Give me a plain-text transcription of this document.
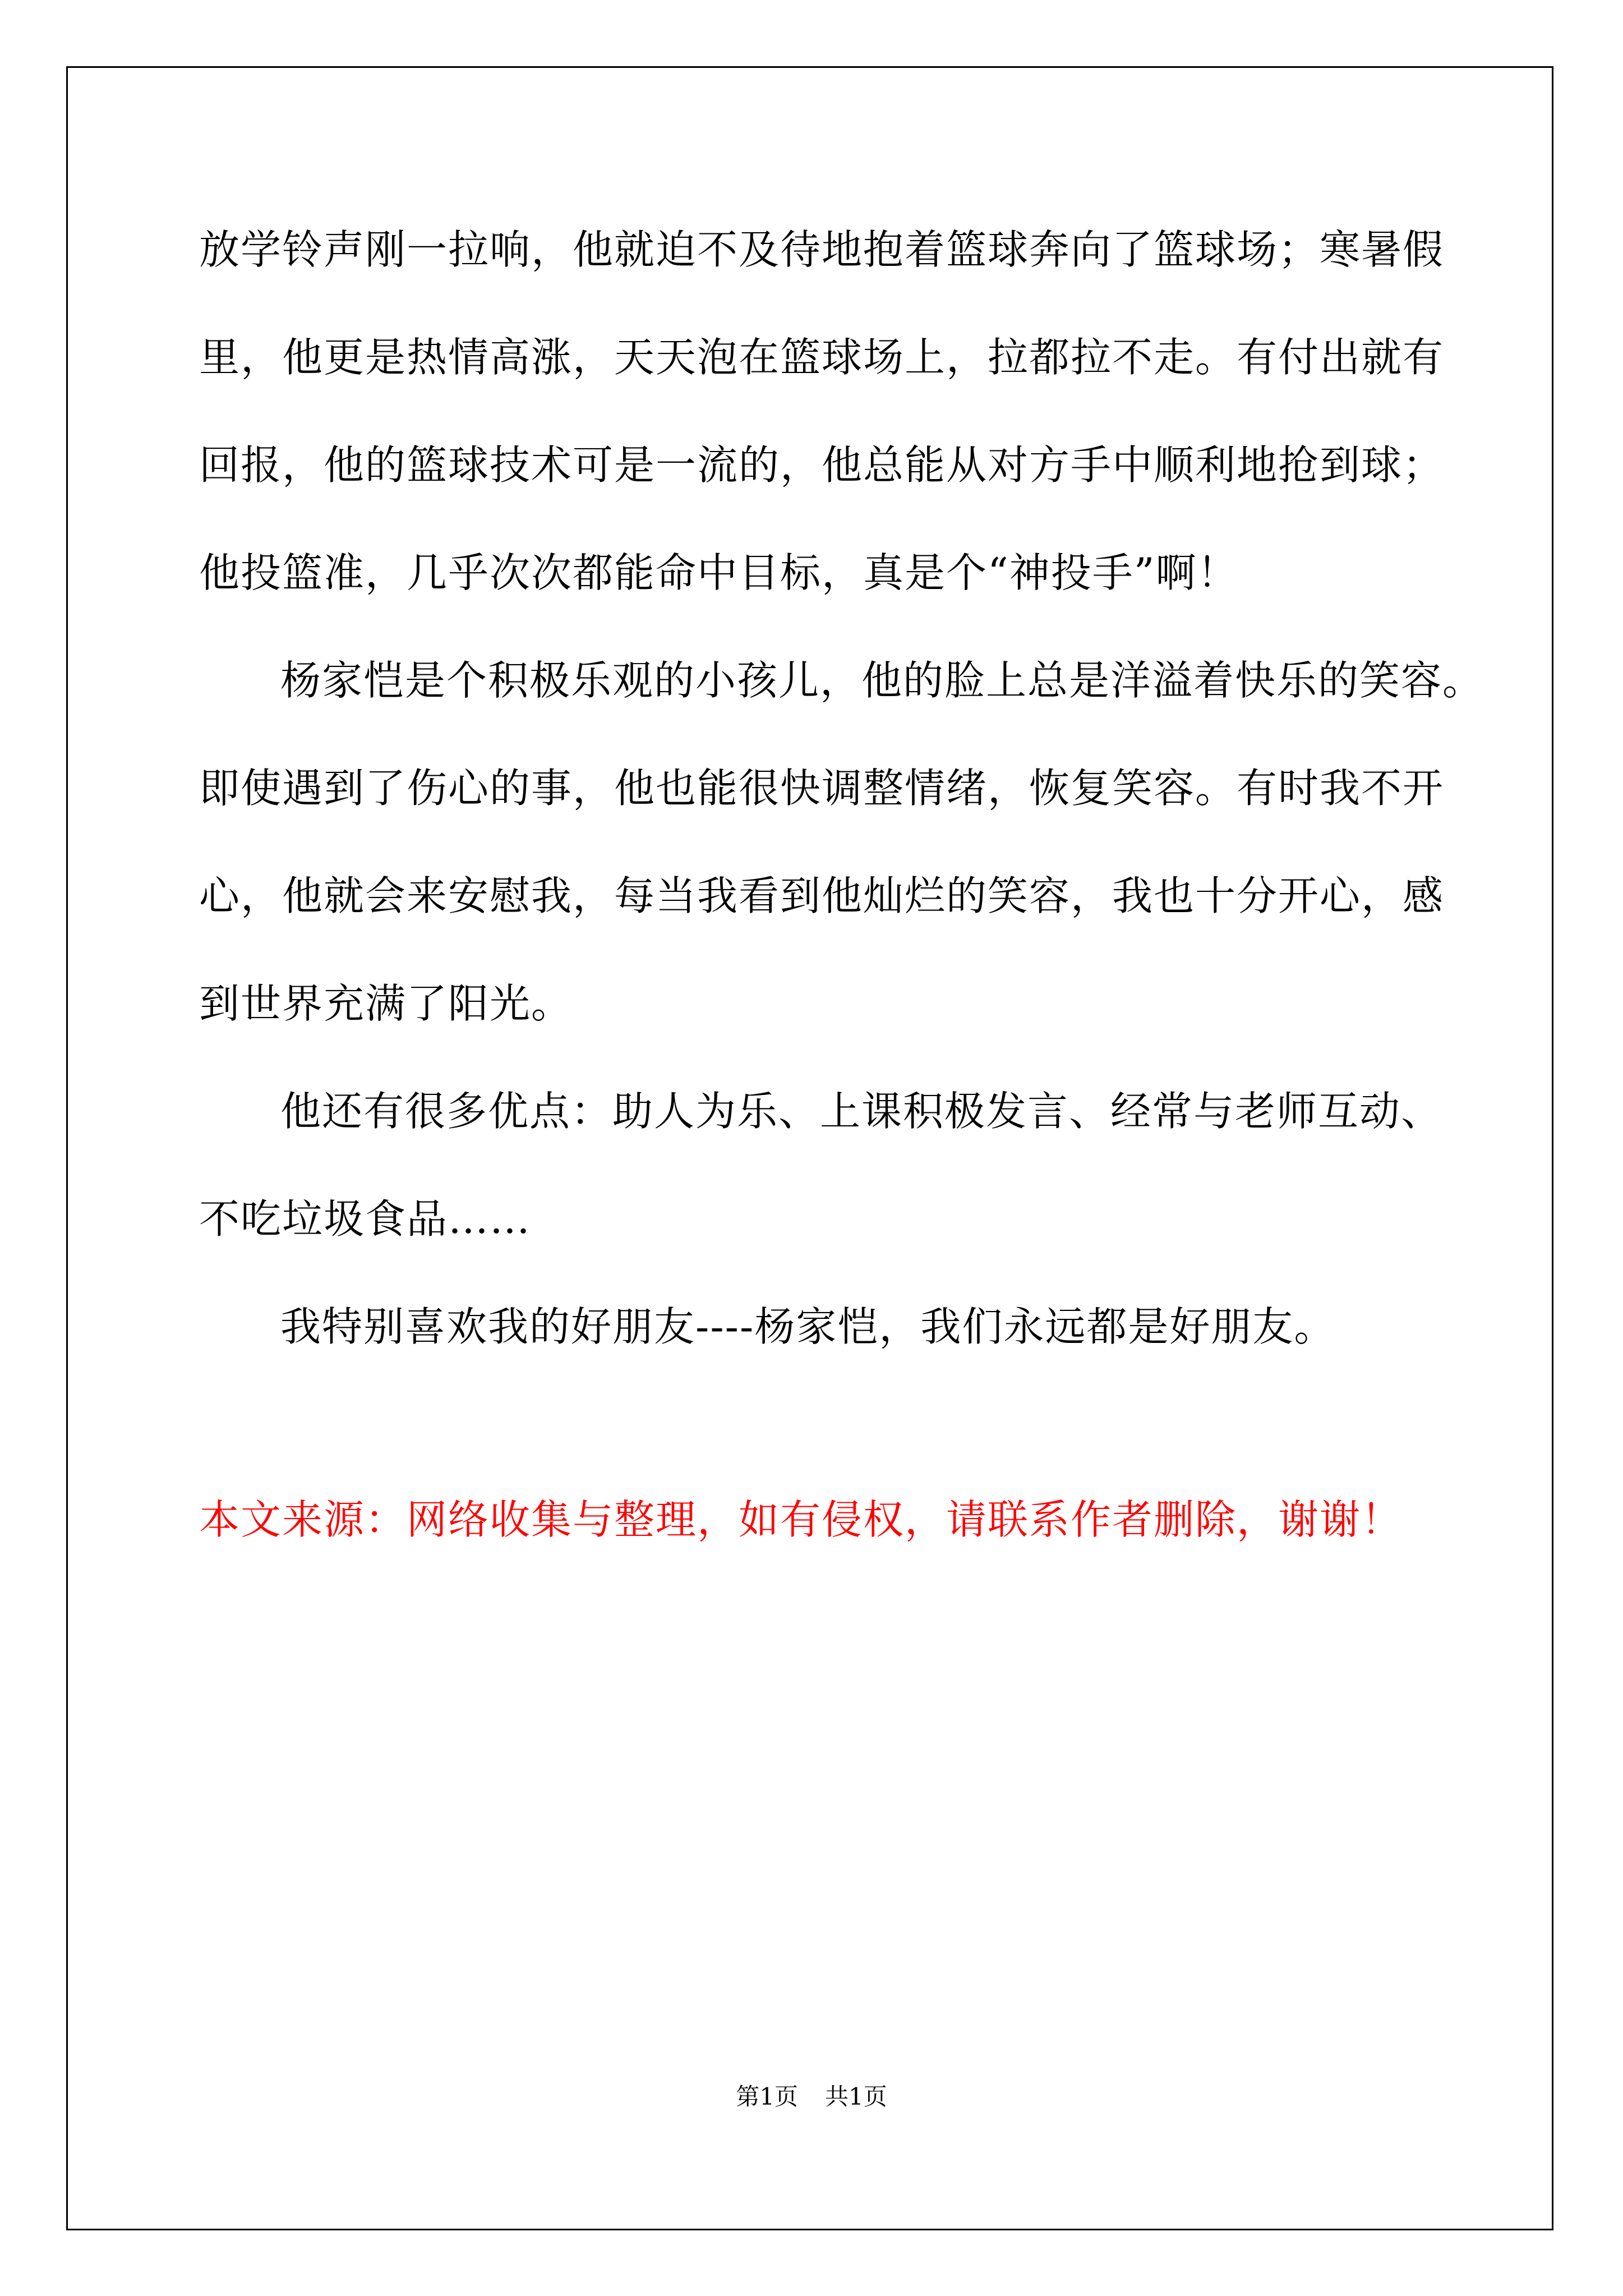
放学铃声刚一拉响，他就迫不及待地抱着篮球奔向了篮球场；寒暑假
里，他更是热情高涨，天天泡在篮球场上，拉都拉不走。有付出就有
回报，他的篮球技术可是一流的，他总能从对方手中顺利地抢到球；
他投篮准，几乎次次都能命中目标，真是个“神投手”啊！
杨家恺是个积极乐观的小孩儿，他的脸上总是洋溢着快乐的笑容。
即使遇到了伤心的事，他也能很快调整情绪，恢复笑容。有时我不开
心，他就会来安慰我，每当我看到他灿烂的笑容，我也十分开心，感
到世界充满了阳光。
他还有很多优点：助人为乐、上课积极发言、经常与老师互动、
不吃垃圾食品……
我特别喜欢我的好朋友----杨家恺，我们永远都是好朋友。
本文来源：网络收集与整理，如有侵权，请联系作者删除，谢谢！
第1页 共1页
